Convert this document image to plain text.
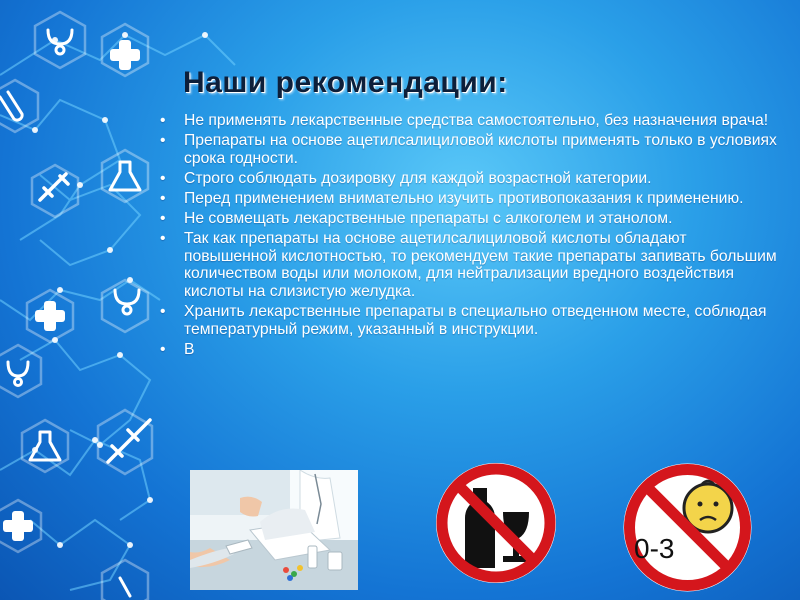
Наши рекомендации:
• Не применять лекарственные средства самостоятельно, без назначения врача!
• Препараты на основе ацетилсалициловой кислоты применять только в условиях срока годности.
• Строго соблюдать дозировку для каждой возрастной категории.
• Перед применением внимательно изучить противопоказания к применению.
• Не совмещать лекарственные препараты с алкоголем и этанолом.
• Так как препараты на основе ацетилсалициловой кислоты обладают повышенной кислотностью, то рекомендуем такие препараты запивать большим количеством воды или молоком, для нейтрализации вредного воздействия кислоты на слизистую желудка.
• Хранить лекарственные препараты в специально отведенном месте, соблюдая температурный режим, указанный в инструкции.
• В
0-3
